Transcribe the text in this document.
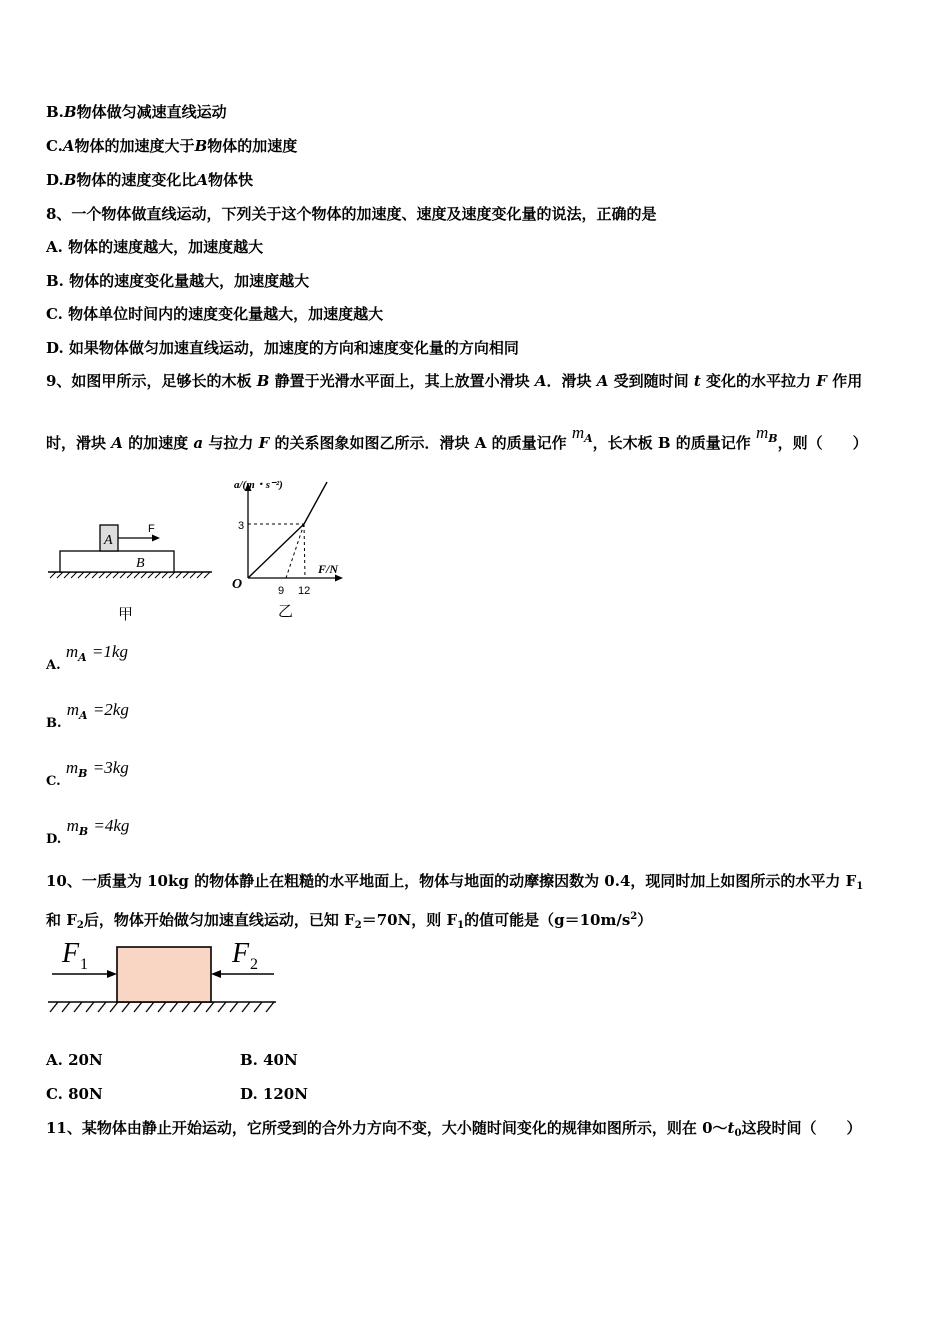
B.B物体做匀减速直线运动
C.A物体的加速度大于B物体的加速度
D.B物体的速度变化比A物体快
8、一个物体做直线运动，下列关于这个物体的加速度、速度及速度变化量的说法，正确的是
A. 物体的速度越大，加速度越大
B. 物体的速度变化量越大，加速度越大
C. 物体单位时间内的速度变化量越大，加速度越大
D. 如果物体做匀加速直线运动，加速度的方向和速度变化量的方向相同
9、如图甲所示，足够长的木板 B 静置于光滑水平面上，其上放置小滑块 A．滑块 A 受到随时间 t 变化的水平拉力 F 作用
时，滑块 A 的加速度 a 与拉力 F 的关系图象如图乙所示．滑块 A 的质量记作 $m_A$，长木板 B 的质量记作 $m_B$，则（　　）
B
A
F
甲
a/(m・s⁻²)
F/N
O
3
9 12
乙
A. $m_A =1kg$
B. $m_A =2kg$
C. $m_B =3kg$
D. $m_B =4kg$
10、一质量为 10kg 的物体静止在粗糙的水平地面上，物体与地面的动摩擦因数为 0.4，现同时加上如图所示的水平力 $F_1$
和 $F_2$后，物体开始做匀加速直线运动，已知 $F_2=70N$，则 $F_1$的值可能是$(g=10m/s^2)$
F 1	F 2
A. 20N	B. 40N
C. 80N	D. 120N
11、某物体由静止开始运动，它所受到的合外力方向不变，大小随时间变化的规律如图所示，则在 $0\sim t_0$这段时间（　　）
